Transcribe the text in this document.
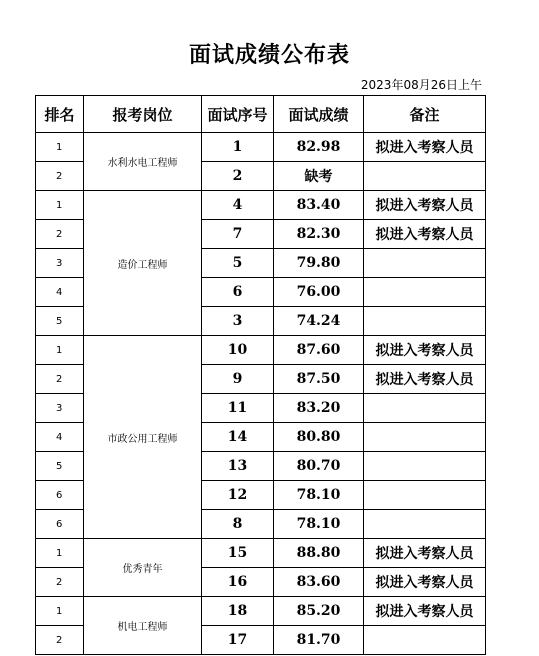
面试成绩公布表
2023年08月26日上午
排名	报考岗位	面试序号	面试成绩	备注
1	水利水电工程师	1	82.98	拟进入考察人员
2		2	缺考	
1	造价工程师	4	83.40	拟进入考察人员
2		7	82.30	拟进入考察人员
3		5	79.80	
4		6	76.00	
5		3	74.24	
1	市政公用工程师	10	87.60	拟进入考察人员
2		9	87.50	拟进入考察人员
3		11	83.20	
4		14	80.80	
5		13	80.70	
6		12	78.10	
6		8	78.10	
1	优秀青年	15	88.80	拟进入考察人员
2		16	83.60	拟进入考察人员
1	机电工程师	18	85.20	拟进入考察人员
2		17	81.70	
